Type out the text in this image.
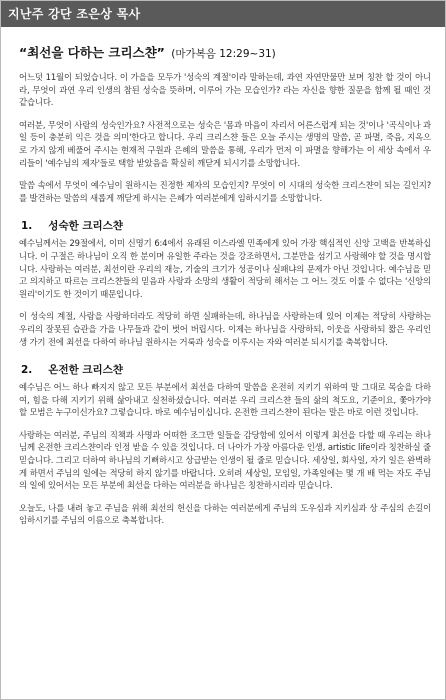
지난주 강단 조은상 목사
“최선을 다하는 크리스챤” (마가복음 12:29~31)

어느덧 11월이 되었습니다. 이 가을을 모두가 '성숙의 계절'이라 말하는데, 과연 자연만물만 보며 칭찬 할 것이 아니라, 무엇이 과연 우리 인생의 참된 성숙을 뜻하며, 이루어 가는 모습인가? 라는 자신을 향한 질문을 함께 될 때인 것 같습니다.

여러분, 무엇이 사람의 성숙인가요? 사전적으로는 성숙은 '몸과 마음이 자리서 어른스럽게 되는 것'이나 '곡식이나 과일 등이 충분히 익은 것을 의미'한다고 합니다. 우리 크리스챤 들은 오늘 주시는 생명의 말씀, 곧 파멸, 죽음, 지옥으로 가지 않게 베풀어 주시는 현재적 구원과 은혜의 말씀을 통해, 우리가 먼저 이 파멸을 향해가는 이 세상 속에서 우리들이 '예수님의 제자'들로 택함 받았음을 확실히 깨닫게 되시기를 소망합니다.

말씀 속에서 무엇이 예수님이 원하시는 진정한 제자의 모습인지? 무엇이 이 시대의 성숙한 크리스챤이 되는 길인지? 를 발견하는 말씀의 새롭게 깨닫게 하시는 은혜가 여러분에게 임하시기를 소망합니다.

1. 성숙한 크리스챤

예수님께서는 29절에서, 이미 신명기 6:4에서 유래된 이스라엘 민족에게 있어 가장 핵심적인 신앙 고백을 반복하십니다. 이 구절은 하나님이 오직 한 분이며 유일한 주라는 것을 강조하면서, 그분만을 섬기고 사랑해야 할 것을 명시합니다. 사랑하는 여러분, 최선이란 우리의 재능, 기술의 크기가 성공이나 실패냐의 문제가 아닌 것입니다. 예수님을 믿고 의지하고 따르는 크리스챤들의 믿음과 사랑과 소망의 생활이 적당히 해서는 그 어느 것도 이룰 수 없다는 '신앙의 원리'이기도 한 것이기 때문입니다.

이 성숙의 계절, 사람을 사랑하더라도 적당히 하면 실패하는데, 하나님을 사랑하는데 있어 이제는 적당히 사랑하는 우리의 잘못된 습관을 가을 나무들과 같이 벗어 버립시다. 이제는 하나님을 사랑하되, 이웃을 사랑하되 짧은 우리인생 가기 전에 최선을 다하여 하나님 원하시는 거룩과 성숙을 이루시는 자와 여러분 되시기를 축복합니다.

2. 온전한 크리스챤

예수님은 어느 하나 빠지지 않고 모든 부분에서 최선을 다하여 말씀을 온전히 지키기 위하여 말 그대로 목숨을 다하여, 힘을 다해 지키기 위해 삶아내고 실천하셨습니다. 여러분 우리 크리스챤 들의 삶의 척도요, 기준이요, 쫓아가야 할 모범은 누구이신가요? 그렇습니다. 바로 예수님이십니다. 온전한 크리스챤이 된다는 말은 바로 이런 것입니다.

사랑하는 여러분, 주님의 직책과 사명과 어떠한 조그만 일들을 감당함에 있어서 이렇게 최선을 다할 때 우리는 하나님께 온전한 크리스챤이라 인정 받을 수 있을 것입니다. 더 나아가 가장 아름다운 인생, artistic life이라 칭찬하실 줄 믿습니다. 그리고 더하여 하나님의 기뻐하시고 상급받는 인생이 될 줄로 믿습니다. 세상일, 회사일, 자기 일은 완벽하게 하면서 주님의 일에는 적당히 하지 않기를 바랍니다. 오히려 세상일, 모임일, 가족일에는 몇 개 배 먹는 자도 주님의 일에 있어서는 모든 부분에 최선을 다하는 여러분을 하나님은 칭찬하시리라 믿습니다.

오늘도, 나를 내려 놓고 주님을 위해 최선의 헌신을 다하는 여러분에게 주님의 도우심과 지키심과 상 주심의 손길이 임하시기를 주님의 이름으로 축복합니다.
